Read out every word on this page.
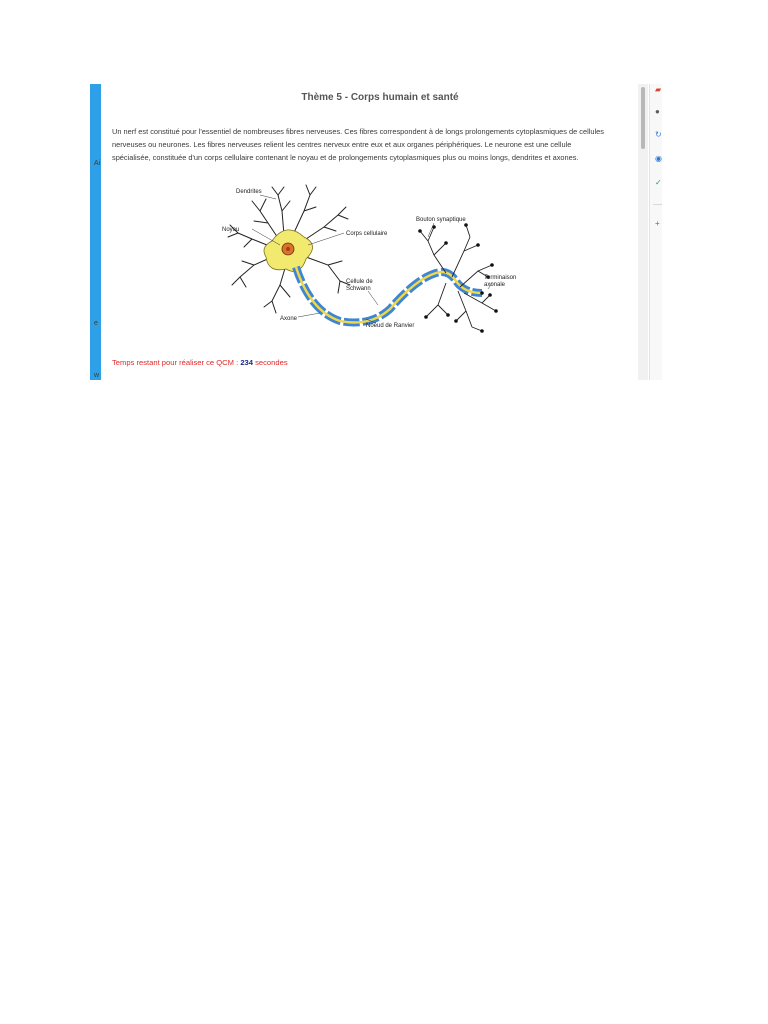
Ai
e
w
Thème 5 - Corps humain et santé
Un nerf est constitué pour l'essentiel de nombreuses fibres nerveuses. Ces fibres correspondent à de longs prolongements cytoplasmiques de cellules
nerveuses ou neurones. Les fibres nerveuses relient les centres nerveux entre eux et aux organes périphériques. Le neurone est une cellule
spécialisée, constituée d'un corps cellulaire contenant le noyau et de prolongements cytoplasmiques plus ou moins longs, dendrites et axones.
Dendrites
Noyau
Corps cellulaire
Bouton synaptique
Cellule de
Schwann
Terminaison
axonale
Axone
Noeud de Ranvier
Temps restant pour réaliser ce QCM : 234 secondes
▰
●
↻
◉
✓
+
